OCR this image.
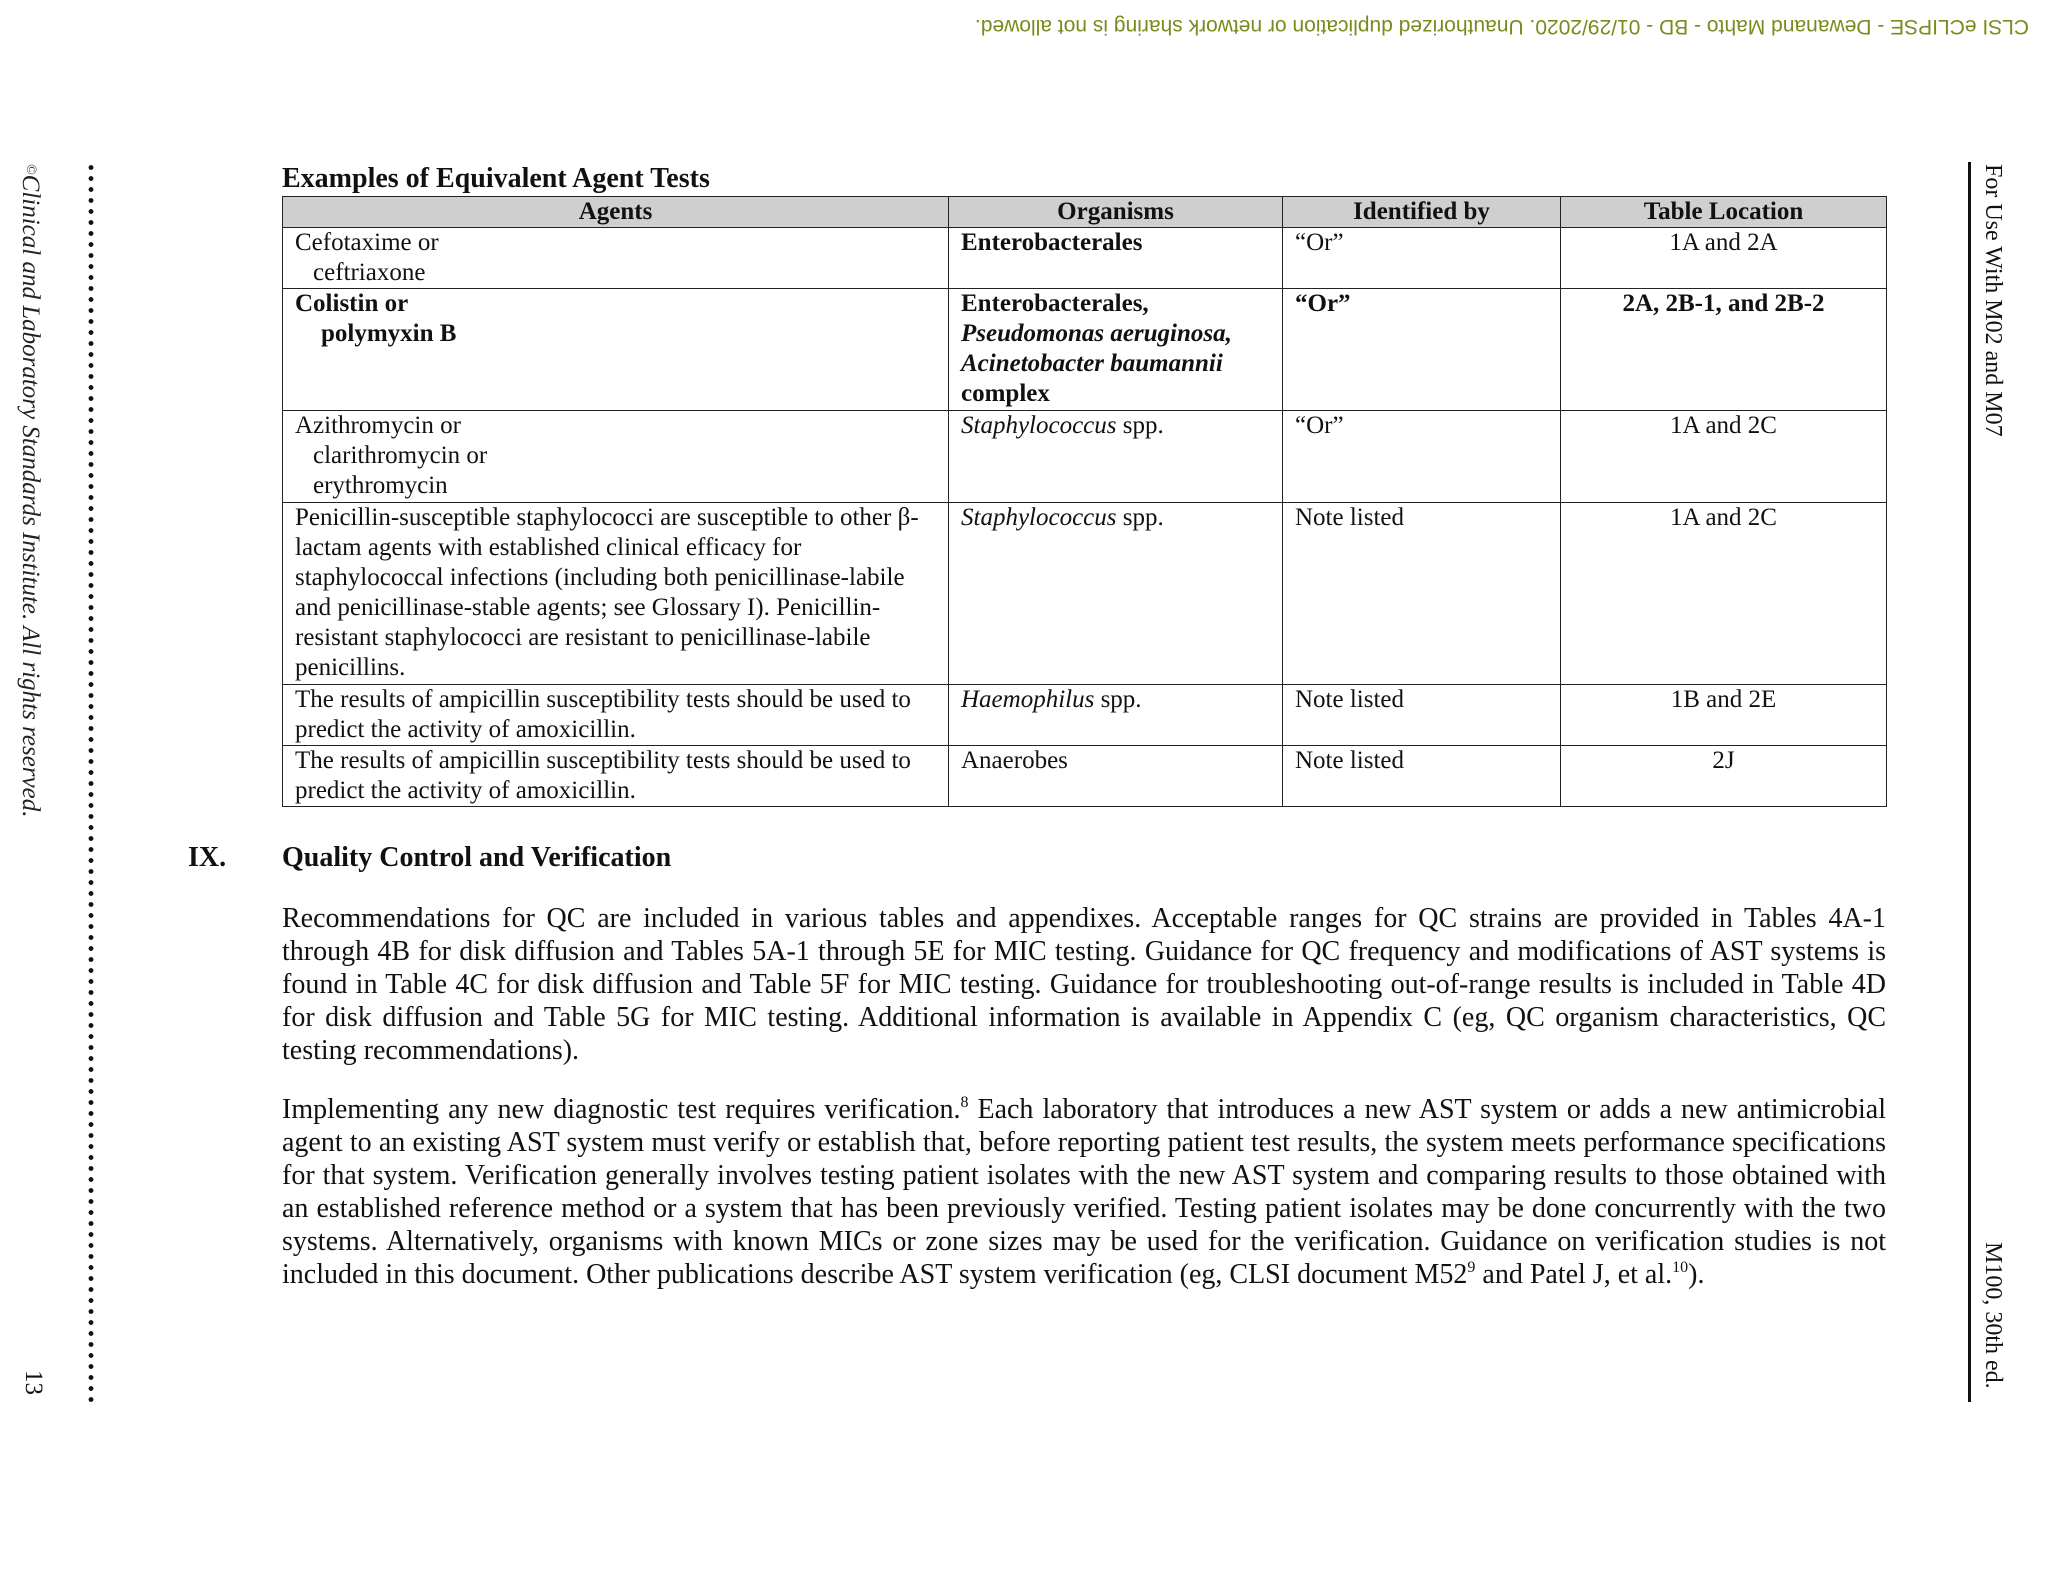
CLSI eCLIPSE - Dewanand Mahto - BD - 01/29/2020. Unauthorized duplication or network sharing is not allowed.
©Clinical and Laboratory Standards Institute. All rights reserved.
13
For Use With M02 and M07
M100, 30th ed.

Examples of Equivalent Agent Tests

Agents	Organisms	Identified by	Table Location
Cefotaxime or
ceftriaxone	Enterobacterales	“Or”	1A and 2A
Colistin or
polymyxin B	Enterobacterales,
Pseudomonas aeruginosa,
Acinetobacter baumannii
complex	“Or”	2A, 2B-1, and 2B-2
Azithromycin or
clarithromycin or
erythromycin	Staphylococcus spp.	“Or”	1A and 2C
Penicillin-susceptible staphylococci are susceptible to other β-lactam agents with established clinical efficacy for staphylococcal infections (including both penicillinase-labile and penicillinase-stable agents; see Glossary I). Penicillin-resistant staphylococci are resistant to penicillinase-labile penicillins.	Staphylococcus spp.	Note listed	1A and 2C
The results of ampicillin susceptibility tests should be used to predict the activity of amoxicillin.	Haemophilus spp.	Note listed	1B and 2E
The results of ampicillin susceptibility tests should be used to predict the activity of amoxicillin.	Anaerobes	Note listed	2J
IX.	Quality Control and Verification

Recommendations for QC are included in various tables and appendixes. Acceptable ranges for QC strains are provided in Tables 4A-1 through 4B for disk diffusion and Tables 5A-1 through 5E for MIC testing. Guidance for QC frequency and modifications of AST systems is found in Table 4C for disk diffusion and Table 5F for MIC testing. Guidance for troubleshooting out-of-range results is included in Table 4D for disk diffusion and Table 5G for MIC testing. Additional information is available in Appendix C (eg, QC organism characteristics, QC testing recommendations).

Implementing any new diagnostic test requires verification.$^8$ Each laboratory that introduces a new AST system or adds a new antimicrobial agent to an existing AST system must verify or establish that, before reporting patient test results, the system meets performance specifications for that system. Verification generally involves testing patient isolates with the new AST system and comparing results to those obtained with an established reference method or a system that has been previously verified. Testing patient isolates may be done concurrently with the two systems. Alternatively, organisms with known MICs or zone sizes may be used for the verification. Guidance on verification studies is not included in this document. Other publications describe AST system verification (eg, CLSI document $M52^9$ and Patel J, et al.$^{10}$).
